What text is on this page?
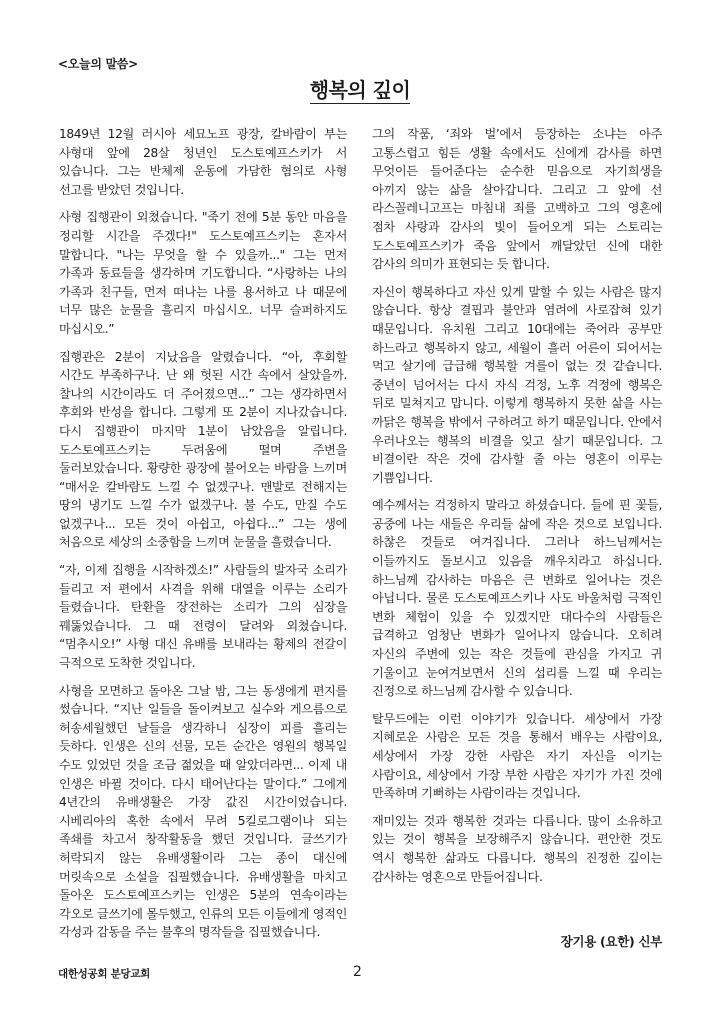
<오늘의 말씀>
행복의 깊이

1849년 12월 러시아 세묘노프 광장, 칼바람이 부는 사형대 앞에 28살 청년인 도스토예프스키가 서 있습니다. 그는 반체제 운동에 가담한 혐의로 사형 선고를 받았던 것입니다.

사형 집행관이 외쳤습니다. "죽기 전에 5분 동안 마음을 정리할 시간을 주겠다!" 도스토예프스키는 혼자서 말합니다. "나는 무엇을 할 수 있을까..." 그는 먼저 가족과 동료들을 생각하며 기도합니다. “사랑하는 나의 가족과 친구들, 먼저 떠나는 나를 용서하고 나 때문에 너무 많은 눈물을 흘리지 마십시오. 너무 슬퍼하지도 마십시오.”

집행관은 2분이 지났음을 알렸습니다. “아, 후회할 시간도 부족하구나. 난 왜 헛된 시간 속에서 살았을까. 찰나의 시간이라도 더 주어졌으면...” 그는 생각하면서 후회와 반성을 합니다. 그렇게 또 2분이 지나갔습니다. 다시 집행관이 마지막 1분이 남았음을 알립니다. 도스토예프스키는 두려움에 떨며 주변을 둘러보았습니다. 황량한 광장에 불어오는 바람을 느끼며 “매서운 칼바람도 느낄 수 없겠구나. 맨발로 전해지는 땅의 냉기도 느낄 수가 없겠구나. 불 수도, 만질 수도 없겠구나... 모든 것이 아쉽고, 아쉽다...” 그는 생에 처음으로 세상의 소중함을 느끼며 눈물을 흘렸습니다.

“자, 이제 집행을 시작하겠소!” 사람들의 발자국 소리가 들리고 저 편에서 사격을 위해 대열을 이루는 소리가 들렸습니다. 탄환을 장전하는 소리가 그의 심장을 꿰뚫었습니다. 그 때 전령이 달려와 외쳤습니다. “멈추시오!” 사형 대신 유배를 보내라는 황제의 전갈이 극적으로 도착한 것입니다.

사형을 모면하고 돌아온 그날 밤, 그는 동생에게 편지를 썼습니다. “지난 일들을 돌이켜보고 실수와 게으름으로 허송세월했던 날들을 생각하니 심장이 피를 흘리는 듯하다. 인생은 신의 선물, 모든 순간은 영원의 행복일 수도 있었던 것을 조금 젊었을 때 알았더라면... 이제 내 인생은 바뀔 것이다. 다시 태어난다는 말이다.” 그에게 4년간의 유배생활은 가장 값진 시간이었습니다. 시베리아의 혹한 속에서 무려 5킬로그램이나 되는 족쇄를 차고서 창작활동을 했던 것입니다. 글쓰기가 허락되지 않는 유배생활이라 그는 종이 대신에 머릿속으로 소설을 집필했습니다. 유배생활을 마치고 돌아온 도스토예프스키는 인생은 5분의 연속이라는 각오로 글쓰기에 몰두했고, 인류의 모든 이들에게 영적인 각성과 감동을 주는 불후의 명작들을 집필했습니다.

그의 작품, ‘죄와 벌’에서 등장하는 소냐는 아주 고통스럽고 힘든 생활 속에서도 신에게 감사를 하면 무엇이든 들어준다는 순수한 믿음으로 자기희생을 아끼지 않는 삶을 살아갑니다. 그리고 그 앞에 선 라스꼴레니고프는 마침내 죄를 고백하고 그의 영혼에 점차 사랑과 감사의 빛이 들어오게 되는 스토리는 도스토예프스키가 죽음 앞에서 깨달았던 신에 대한 감사의 의미가 표현되는 듯 합니다.

자신이 행복하다고 자신 있게 말할 수 있는 사람은 많지 않습니다. 항상 결핍과 불안과 염려에 사로잡혀 있기 때문입니다. 유치원 그리고 10대에는 죽어라 공부만 하느라고 행복하지 않고, 세월이 흘러 어른이 되어서는 먹고 살기에 급급해 행복할 겨를이 없는 것 같습니다. 중년이 넘어서는 다시 자식 걱정, 노후 걱정에 행복은 뒤로 밀쳐지고 맙니다. 이렇게 행복하지 못한 삶을 사는 까닭은 행복을 밖에서 구하려고 하기 때문입니다. 안에서 우러나오는 행복의 비결을 잊고 살기 때문입니다. 그 비결이란 작은 것에 감사할 줄 아는 영혼이 이루는 기쁨입니다.

예수께서는 걱정하지 말라고 하셨습니다. 들에 핀 꽃들, 공중에 나는 새들은 우리들 삶에 작은 것으로 보입니다. 하찮은 것들로 여겨집니다. 그러나 하느님께서는 이들까지도 돌보시고 있음을 깨우치라고 하십니다. 하느님께 감사하는 마음은 큰 변화로 일어나는 것은 아닙니다. 물론 도스토예프스키나 사도 바울처럼 극적인 변화 체험이 있을 수 있겠지만 대다수의 사람들은 급격하고 엄청난 변화가 일어나지 않습니다. 오히려 자신의 주변에 있는 작은 것들에 관심을 가지고 귀 기울이고 눈여겨보면서 신의 섭리를 느낄 때 우리는 진정으로 하느님께 감사할 수 있습니다.

탈무드에는 이런 이야기가 있습니다. 세상에서 가장 지혜로운 사람은 모든 것을 통해서 배우는 사람이요, 세상에서 가장 강한 사람은 자기 자신을 이기는 사람이요, 세상에서 가장 부한 사람은 자기가 가진 것에 만족하며 기뻐하는 사람이라는 것입니다.

재미있는 것과 행복한 것과는 다릅니다. 많이 소유하고 있는 것이 행복을 보장해주지 않습니다. 편안한 것도 역시 행복한 삶과도 다릅니다. 행복의 진정한 깊이는 감사하는 영혼으로 만들어집니다.

장기용 (요한) 신부
대한성공회 분당교회	2
